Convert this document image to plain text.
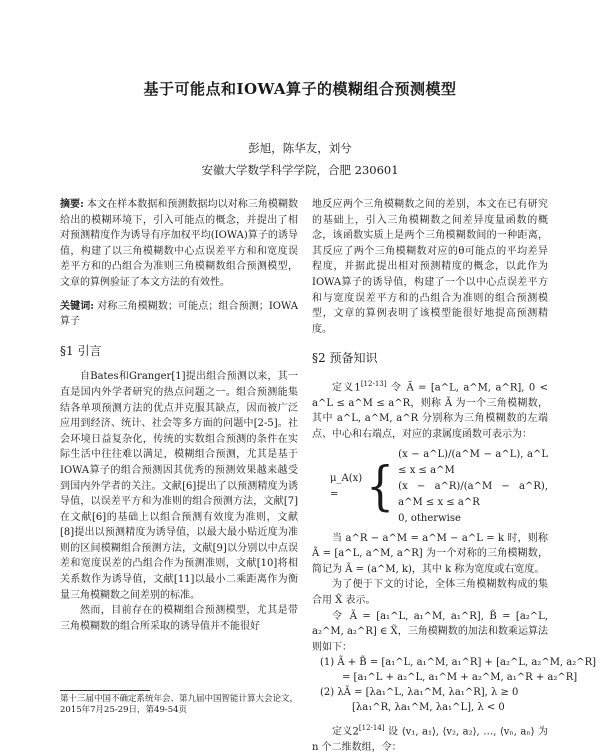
基于可能点和IOWA算子的模糊组合预测模型
彭旭，陈华友，刘兮
安徽大学数学科学学院，合肥 230601
摘要: 本文在样本数据和预测数据均以对称三角模糊数给出的模糊环境下，引入可能点的概念，并提出了相对预测精度作为诱导有序加权平均(IOWA)算子的诱导值，构建了以三角模糊数中心点误差平方和和宽度误差平方和的凸组合为准则三角模糊数组合预测模型，文章的算例验证了本文方法的有效性。
关键词: 对称三角模糊数；可能点；组合预测；IOWA算子
§1 引言
自Bates和Granger[1]提出组合预测以来，其一直是国内外学者研究的热点问题之一。组合预测能集结各单项预测方法的优点并克服其缺点，因而被广泛应用到经济、统计、社会等多方面的问题中[2-5]。社会环境日益复杂化，传统的实数组合预测的条件在实际生活中往往难以满足，模糊组合预测，尤其是基于IOWA算子的组合预测因其优秀的预测效果越来越受到国内外学者的关注。文献[6]提出了以预测精度为诱导值，以误差平方和为准则的组合预测方法，文献[7]在文献[6]的基础上以组合预测有效度为准则，文献[8]提出以预测精度为诱导值，以最大最小贴近度为准则的区间模糊组合预测方法，文献[9]以分别以中点误差和宽度误差的凸组合作为预测准则，文献[10]将相关系数作为诱导值，文献[11]以最小二乘距离作为衡量三角模糊数之间差别的标准。
然而，目前存在的模糊组合预测模型，尤其是带三角模糊数的组合所采取的诱导值并不能很好
地反应两个三角模糊数之间的差别，本文在已有研究的基础上，引入三角模糊数之间差异度量函数的概念，该函数实质上是两个三角模糊数间的一种距离，其反应了两个三角模糊数对应的θ可能点的平均差异程度，并据此提出相对预测精度的概念，以此作为IOWA算子的诱导值，构建了一个以中心点误差平方和与宽度误差平方和的凸组合为准则的组合预测模型，文章的算例表明了该模型能很好地提高预测精度。
§2 预备知识
定义1[12-13] 令 Ã = [a^L, a^M, a^R], 0 < a^L ≤ a^M ≤ a^R，则称 Ã 为一个三角模糊数，其中 a^L, a^M, a^R 分别称为三角模糊数的左端点、中心和右端点，对应的隶属度函数可表示为：
μ_A(x) = {
(x − a^L)/(a^M − a^L), a^L ≤ x ≤ a^M
(x − a^R)/(a^M − a^R), a^M ≤ x ≤ a^R
0, otherwise
当 a^R − a^M = a^M − a^L = k 时，则称 Ã = [a^L, a^M, a^R] 为一个对称的三角模糊数，简记为 Ã = (a^M, k)，其中 k 称为宽度或右宽度。
为了便于下文的讨论，全体三角模糊数构成的集合用 X̃ 表示。
令 Ã = [a₁^L, a₁^M, a₁^R], B̃ = [a₂^L, a₂^M, a₂^R] ∈ X̃，三角模糊数的加法和数乘运算法则如下：
(1) Ã + B̃ = [a₁^L, a₁^M, a₁^R] + [a₂^L, a₂^M, a₂^R]
= [a₁^L + a₂^L, a₁^M + a₂^M, a₁^R + a₂^R]
(2) λÃ = [λa₁^L, λa₁^M, λa₁^R], λ ≥ 0
[λa₁^R, λa₁^M, λa₁^L], λ < 0
定义2[12-14] 设 ⟨v₁, a₁⟩, ⟨v₂, a₂⟩, …, ⟨vₙ, aₙ⟩ 为 n 个二维数组，令：
第十三届中国不确定系统年会、第九届中国智能计算大会论文，2015年7月25-29日，第49-54页
